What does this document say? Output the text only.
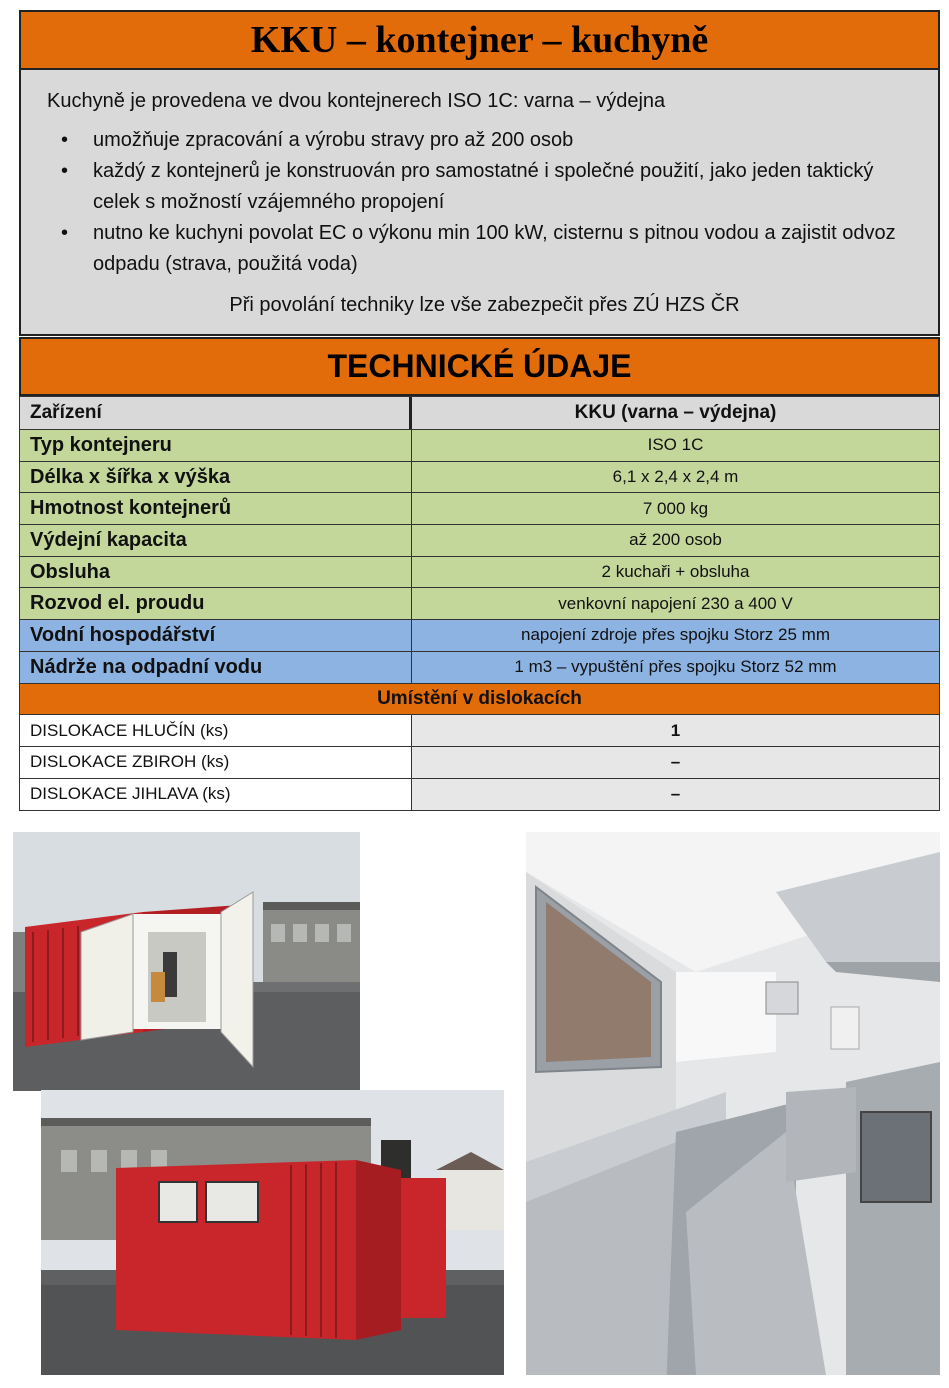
KKU – kontejner – kuchyně

Kuchyně je provedena ve dvou kontejnerech ISO 1C: varna – výdejna

• umožňuje zpracování a výrobu stravy pro až 200 osob
• každý z kontejnerů je konstruován pro samostatné i společné použití, jako jeden taktický celek s možností vzájemného propojení
• nutno ke kuchyni povolat EC o výkonu min 100 kW, cisternu s pitnou vodou a zajistit odvoz odpadu (strava, použitá voda)

Při povolání techniky lze vše zabezpečit přes ZÚ HZS ČR

TECHNICKÉ ÚDAJE
Zařízení	KKU (varna – výdejna)
Typ kontejneru	ISO 1C
Délka x šířka x výška	6,1 x 2,4 x 2,4 m
Hmotnost kontejnerů	7 000 kg
Výdejní kapacita	až 200 osob
Obsluha	2 kuchaři + obsluha
Rozvod el. proudu	venkovní napojení 230 a 400 V
Vodní hospodářství	napojení zdroje přes spojku Storz 25 mm
Nádrže na odpadní vodu	1 m3 – vypuštění přes spojku Storz 52 mm
Umístění v dislokacích
DISLOKACE HLUČÍN (ks)	1
DISLOKACE ZBIROH (ks)	–
DISLOKACE JIHLAVA (ks)	–
